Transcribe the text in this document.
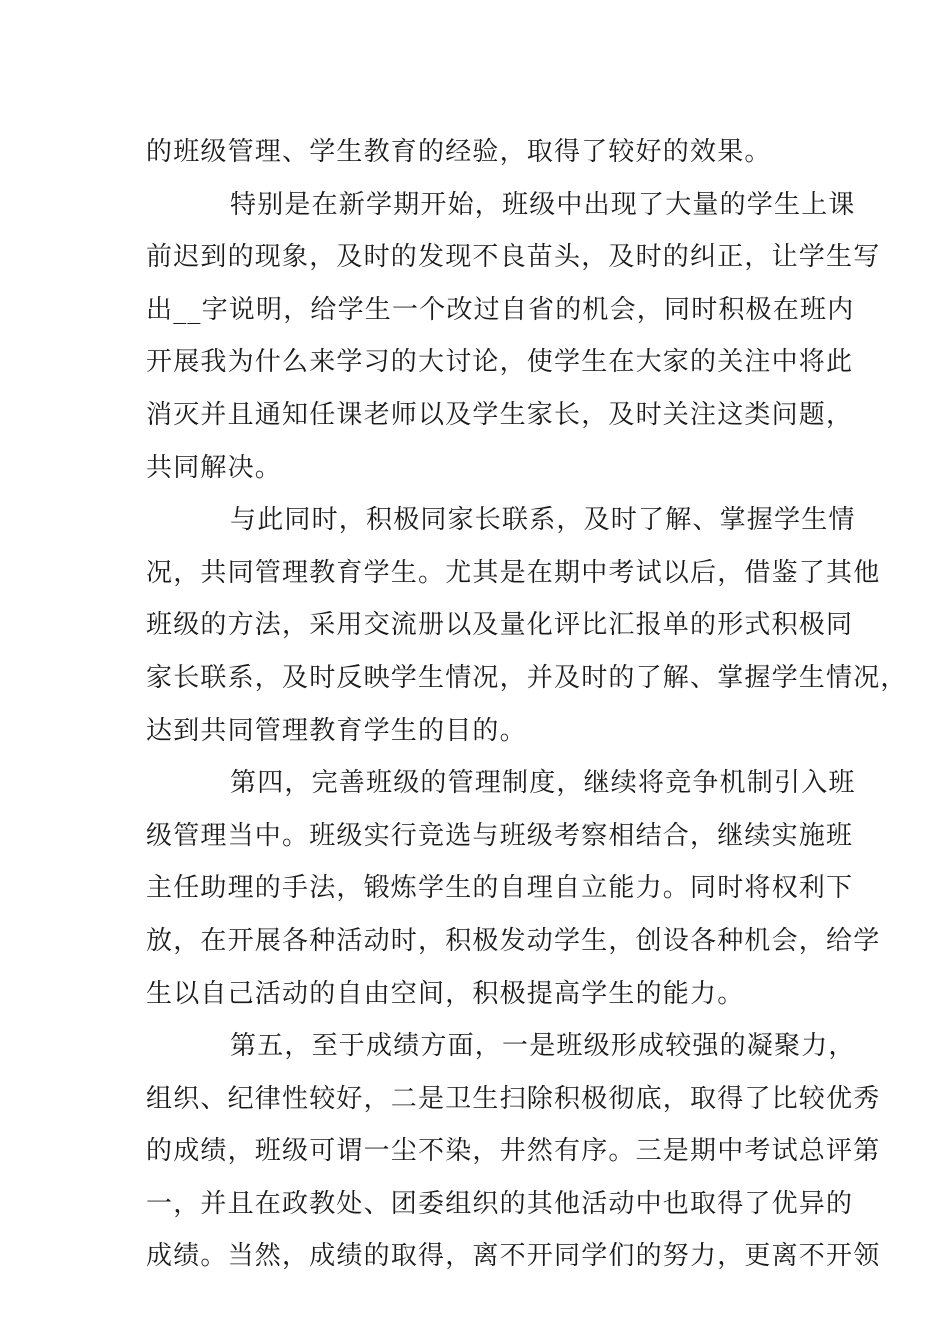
的班级管理、学生教育的经验，取得了较好的效果。
特别是在新学期开始，班级中出现了大量的学生上课
前迟到的现象，及时的发现不良苗头，及时的纠正，让学生写
出__字说明，给学生一个改过自省的机会，同时积极在班内
开展我为什么来学习的大讨论，使学生在大家的关注中将此
消灭并且通知任课老师以及学生家长，及时关注这类问题，
共同解决。
与此同时，积极同家长联系，及时了解、掌握学生情
况，共同管理教育学生。尤其是在期中考试以后，借鉴了其他
班级的方法，采用交流册以及量化评比汇报单的形式积极同
家长联系，及时反映学生情况，并及时的了解、掌握学生情况，
达到共同管理教育学生的目的。
第四，完善班级的管理制度，继续将竞争机制引入班
级管理当中。班级实行竞选与班级考察相结合，继续实施班
主任助理的手法，锻炼学生的自理自立能力。同时将权利下
放，在开展各种活动时，积极发动学生，创设各种机会，给学
生以自己活动的自由空间，积极提高学生的能力。
第五，至于成绩方面，一是班级形成较强的凝聚力，
组织、纪律性较好，二是卫生扫除积极彻底，取得了比较优秀
的成绩，班级可谓一尘不染，井然有序。三是期中考试总评第
一，并且在政教处、团委组织的其他活动中也取得了优异的
成绩。当然，成绩的取得，离不开同学们的努力，更离不开领
